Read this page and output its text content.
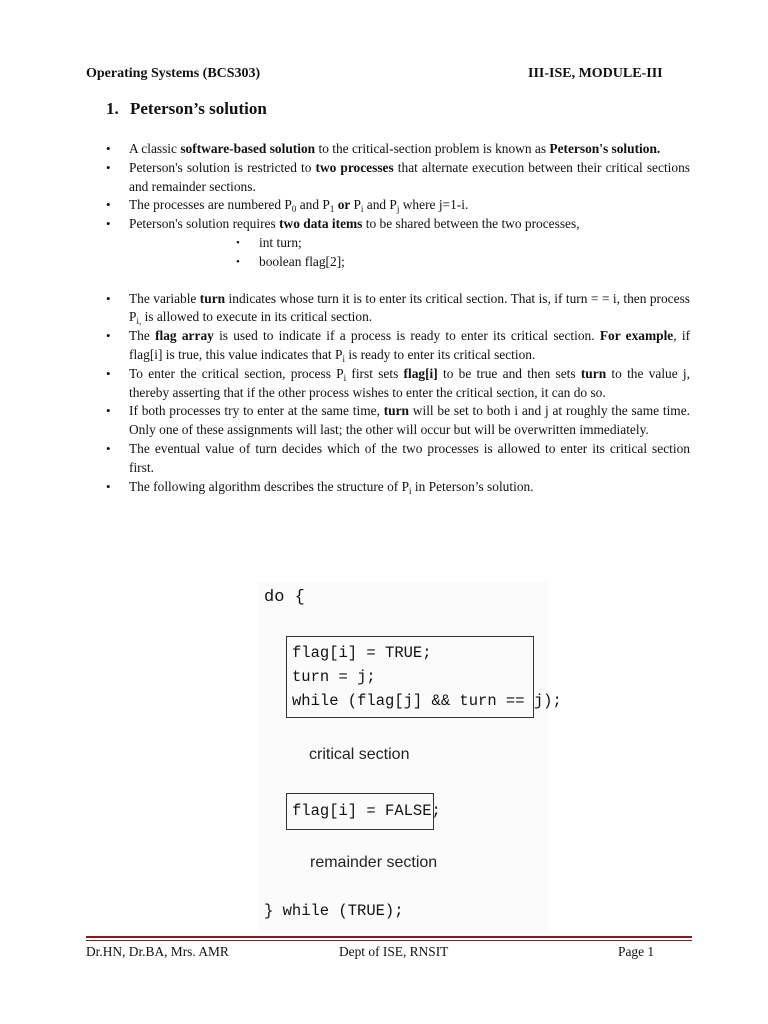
Operating Systems (BCS303)	III-ISE, MODULE-III
1. Peterson’s solution
• A classic software-based solution to the critical-section problem is known as Peterson's solution.
• Peterson's solution is restricted to two processes that alternate execution between their critical sections and remainder sections.
• The processes are numbered $P_0$ and $P_1$ or $P_i$ and $P_j$ where j=1-i.
• Peterson's solution requires two data items to be shared between the two processes,
• int turn;
• boolean flag[2];
• The variable turn indicates whose turn it is to enter its critical section. That is, if turn = = i, then process $P_{i,}$ is allowed to execute in its critical section.
• The flag array is used to indicate if a process is ready to enter its critical section. For example, if flag[i] is true, this value indicates that $P_i$ is ready to enter its critical section.
• To enter the critical section, process $P_i$ first sets flag[i] to be true and then sets turn to the value j, thereby asserting that if the other process wishes to enter the critical section, it can do so.
• If both processes try to enter at the same time, turn will be set to both i and j at roughly the same time. Only one of these assignments will last; the other will occur but will be overwritten immediately.
• The eventual value of turn decides which of the two processes is allowed to enter its critical section first.
• The following algorithm describes the structure of $P_i$ in Peterson’s solution.
do {
flag[i] = TRUE;
turn = j;
while (flag[j] && turn == j);
critical section
flag[i] = FALSE;
remainder section
} while (TRUE);
Dr.HN, Dr.BA, Mrs. AMR	Dept of ISE, RNSIT	Page 1
